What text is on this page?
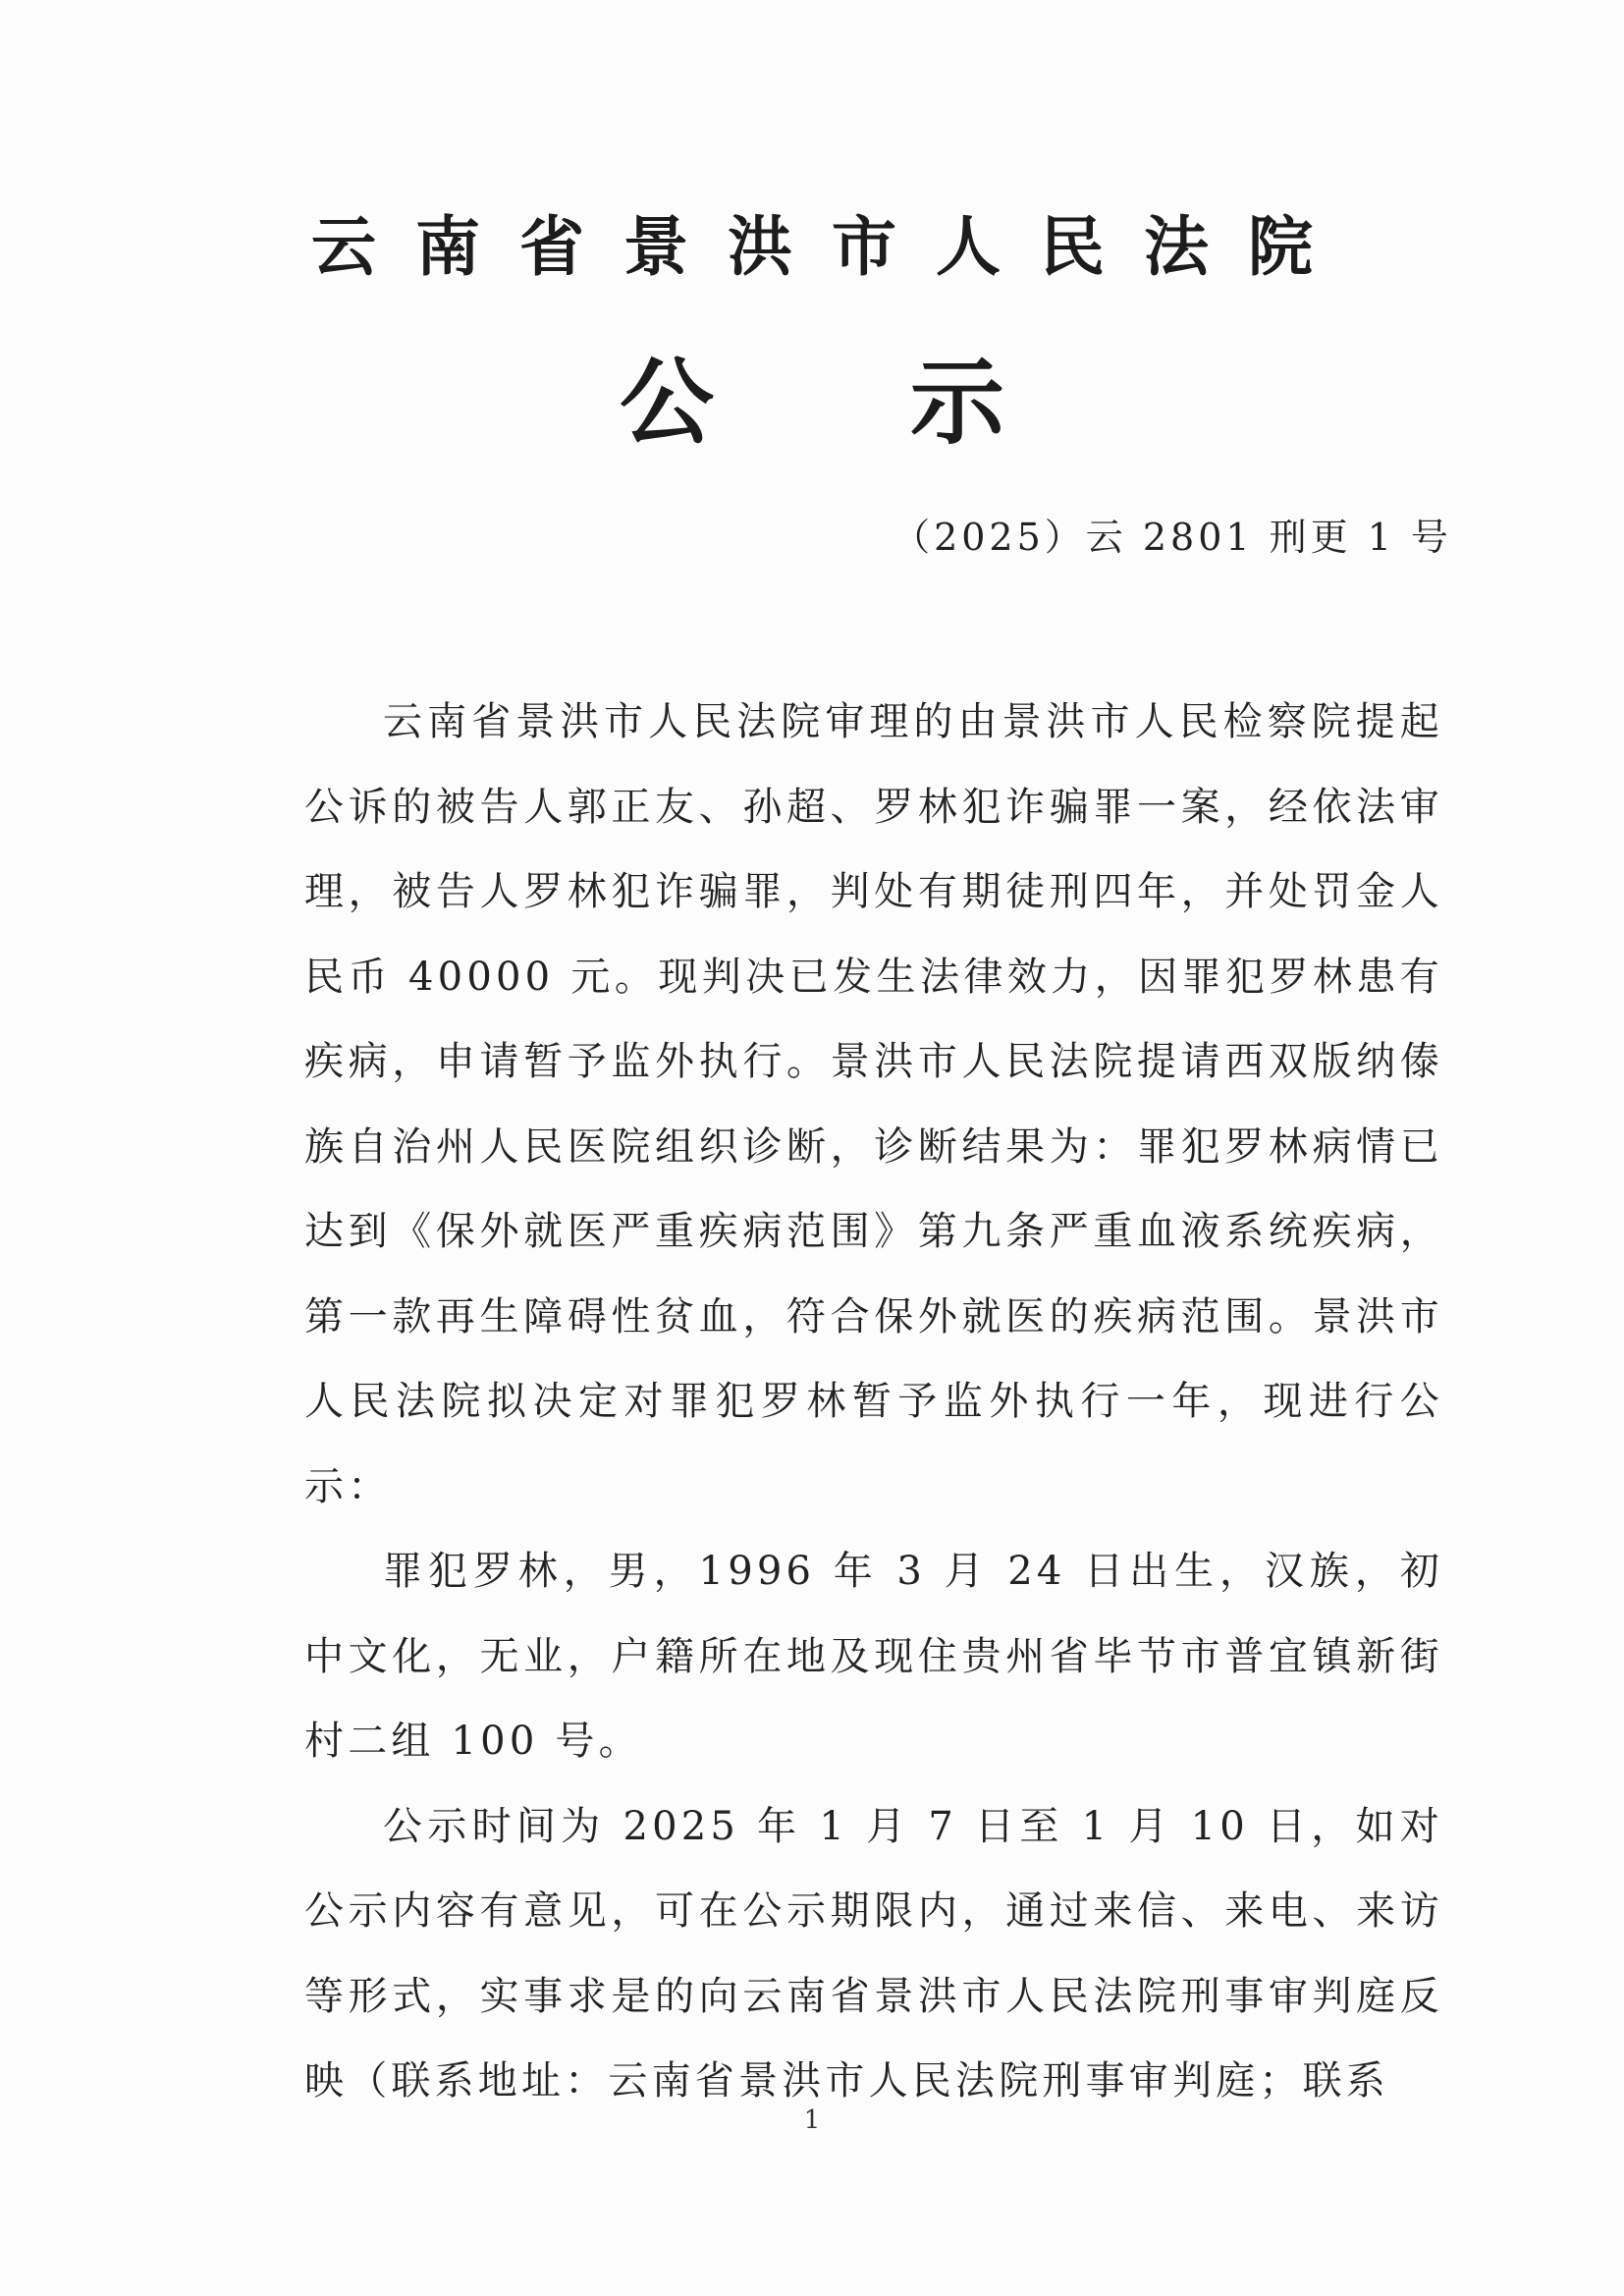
云南省景洪市人民法院
公示
（2025）云 2801 刑更 1 号

云南省景洪市人民法院审理的由景洪市人民检察院提起公诉的被告人郭正友、孙超、罗林犯诈骗罪一案，经依法审理，被告人罗林犯诈骗罪，判处有期徒刑四年，并处罚金人民币 40000 元。现判决已发生法律效力，因罪犯罗林患有疾病，申请暂予监外执行。景洪市人民法院提请西双版纳傣族自治州人民医院组织诊断，诊断结果为：罪犯罗林病情已达到《保外就医严重疾病范围》第九条严重血液系统疾病，第一款再生障碍性贫血，符合保外就医的疾病范围。景洪市人民法院拟决定对罪犯罗林暂予监外执行一年，现进行公示：

罪犯罗林，男，1996 年 3 月 24 日出生，汉族，初中文化，无业，户籍所在地及现住贵州省毕节市普宜镇新街村二组 100 号。

公示时间为 2025 年 1 月 7 日至 1 月 10 日，如对公示内容有意见，可在公示期限内，通过来信、来电、来访等形式，实事求是的向云南省景洪市人民法院刑事审判庭反映（联系地址：云南省景洪市人民法院刑事审判庭；联系

1
